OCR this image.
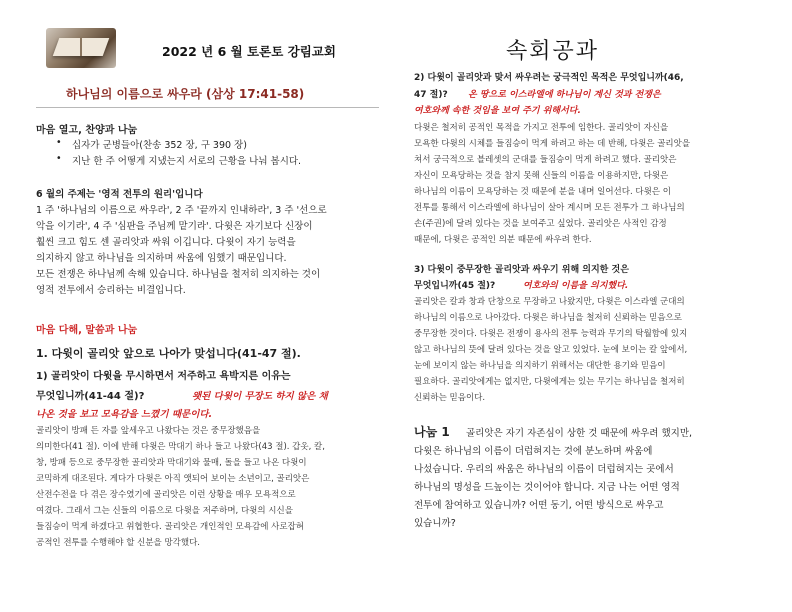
2022 년 6 월 토론토 강림교회	속회공과
하나님의 이름으로 싸우라 (삼상 17:41-58)
마음 열고, 찬양과 나눔
• 십자가 군병들아(찬송 352 장, 구 390 장)
• 지난 한 주 어떻게 지냈는지 서로의 근황을 나눠 봅시다.
6 월의 주제는 '영적 전투의 원리'입니다
1 주 '하나님의 이름으로 싸우라', 2 주 '끝까지 인내하라', 3 주 '선으로
악을 이기라', 4 주 '심판을 주님께 맡기라'. 다윗은 자기보다 신장이
훨씬 크고 힘도 센 골리앗과 싸워 이깁니다. 다윗이 자기 능력을
의지하지 않고 하나님을 의지하며 싸움에 임했기 때문입니다.
모든 전쟁은 하나님께 속해 있습니다. 하나님을 철저히 의지하는 것이
영적 전투에서 승리하는 비결입니다.
마음 다해, 말씀과 나눔
1. 다윗이 골리앗 앞으로 나아가 맞섭니다(41-47 절).
1) 골리앗이 다윗을 무시하면서 저주하고 욕박지른 이유는
무엇입니까(41-44 절)?	왯된 다윗이 무장도 하지 않은 채
나온 것을 보고 모욕감을 느꼈기 때문이다.
골리앗이 방패 든 자를 앞세우고 나왔다는 것은 중무장했음을
의미한다(41 절). 이에 반해 다윗은 막대기 하나 들고 나왔다(43 절). 갑옷, 칼,
창, 방패 등으로 중무장한 골리앗과 막대기와 물매, 돌을 들고 나온 다윗이
코믹하게 대조된다. 게다가 다윗은 아직 앳되어 보이는 소년이고, 골리앗은
산전수전을 다 겪은 장수였기에 골리앗은 이런 상황을 매우 모욕적으로
여겼다. 그래서 그는 신들의 이름으로 다윗을 저주하며, 다윗의 시신을
들짐승이 먹게 하겠다고 위협한다. 골리앗은 개인적인 모욕감에 사로잡혀
공적인 전투를 수행해야 할 신분을 망각했다.
2) 다윗이 골리앗과 맞서 싸우려는 궁극적인 목적은 무엇입니까(46,
47 절)? 온 땅으로 이스라엘에 하나님이 계신 것과 전쟁은
여호와께 속한 것임을 보여 주기 위해서다.
다윗은 철저히 공적인 목적을 가지고 전투에 임한다. 골리앗이 자신을
모욕한 다윗의 시체를 들짐승이 먹게 하려고 하는 데 반해, 다윗은 골리앗을
쳐서 궁극적으로 블레셋의 군대를 들짐승이 먹게 하려고 했다. 골리앗은
자신이 모욕당하는 것을 참지 못해 신들의 이름을 이용하지만, 다윗은
하나님의 이름이 모욕당하는 것 때문에 분을 내며 일어선다. 다윗은 이
전투를 통해서 이스라엘에 하나님이 살아 계시며 모든 전투가 그 하나님의
손(주권)에 달려 있다는 것을 보여주고 싶었다. 골리앗은 사적인 감정
때문에, 다윗은 공적인 의분 때문에 싸우려 한다.
3) 다윗이 중무장한 골리앗과 싸우기 위해 의지한 것은
무엇입니까(45 절)?	여호와의 이름을 의지했다.
골리앗은 칼과 창과 단창으로 무장하고 나왔지만, 다윗은 이스라엘 군대의
하나님의 이름으로 나아갔다. 다윗은 하나님을 철저히 신뢰하는 믿음으로
중무장한 것이다. 다윗은 전쟁이 용사의 전투 능력과 무기의 탁월함에 있지
않고 하나님의 뜻에 달려 있다는 것을 알고 있었다. 눈에 보이는 칼 앞에서,
눈에 보이지 않는 하나님을 의지하기 위해서는 대단한 용기와 믿음이
필요하다. 골리앗에게는 없지만, 다윗에게는 있는 무기는 하나님을 철저히
신뢰하는 믿음이다.
나눔 1 골리앗은 자기 자존심이 상한 것 때문에 싸우려 했지만,
다윗은 하나님의 이름이 더럽혀지는 것에 분노하며 싸움에
나섰습니다. 우리의 싸움은 하나님의 이름이 더럽혀지는 곳에서
하나님의 명성을 드높이는 것이어야 합니다. 지금 나는 어떤 영적
전투에 참여하고 있습니까? 어떤 동기, 어떤 방식으로 싸우고
있습니까?
